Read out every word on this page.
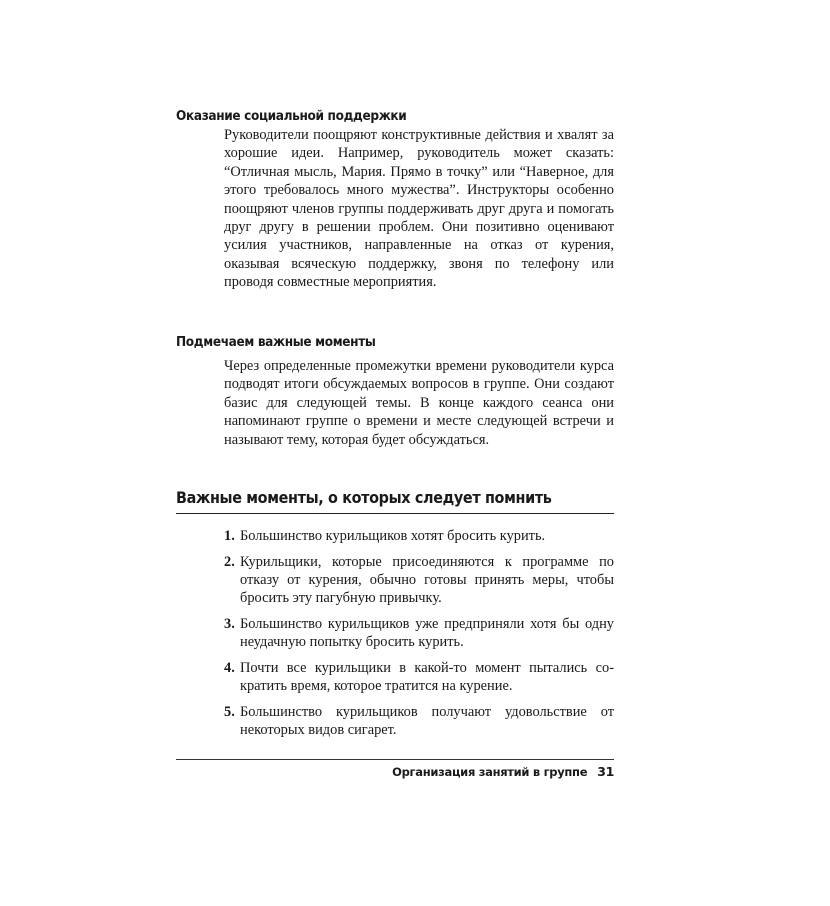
Оказание социальной поддержки

Руководители поощряют конструктивные действия и хвалят за хорошие идеи. Например, руководитель может сказать: “Отличная мысль, Мария. Прямо в точку” или “Наверное, для этого требовалось много мужества”. Инструкторы особенно поощряют членов группы поддерживать друг друга и помогать друг другу в решении проблем. Они позитивно оценивают усилия участников, направленные на отказ от курения, оказывая всяческую поддержку, звоня по телефону или проводя совместные мероприятия.

Подмечаем важные моменты

Через определенные промежутки времени руководители курса подводят итоги обсуждаемых вопросов в группе. Они создают базис для следующей темы. В конце каждого сеанса они напоминают группе о времени и месте следующей встречи и называют тему, которая будет обсуждаться.

Важные моменты, о которых следует помнить
1. Большинство курильщиков хотят бросить курить.
2. Курильщики, которые присоединяются к программе по отказу от курения, обычно готовы принять меры, чтобы бросить эту пагубную привычку.
3. Большинство курильщиков уже предприняли хотя бы одну неудачную попытку бросить курить.
4. Почти все курильщики в какой-то момент пытались сократить время, которое тратится на курение.
5. Большинство курильщиков получают удовольствие от некоторых видов сигарет.
Организация занятий в группе 31
